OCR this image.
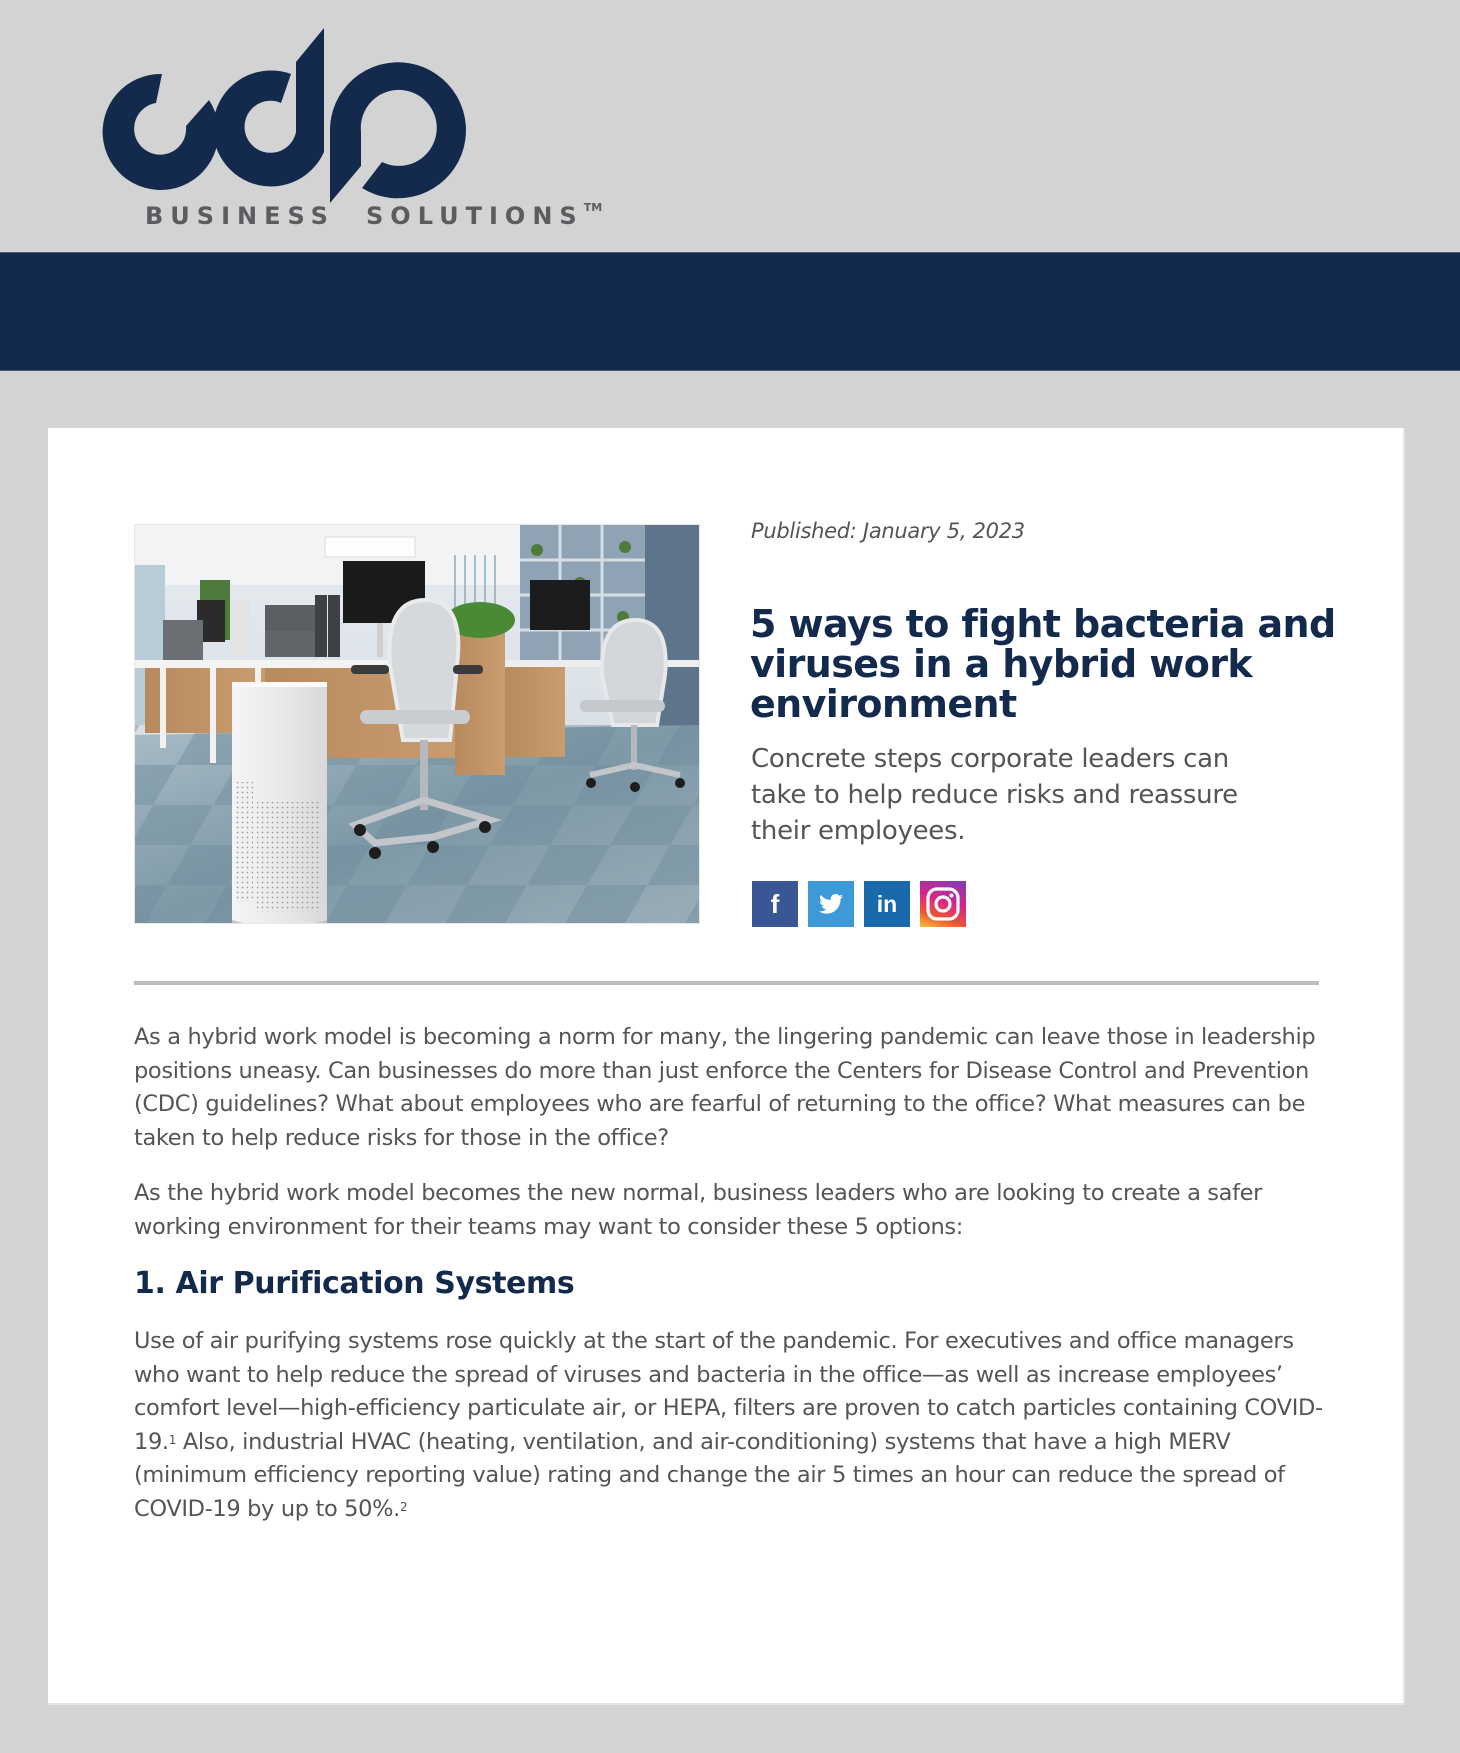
BUSINESS SOLUTIONS™
Published: January 5, 2023
5 ways to fight bacteria and viruses in a hybrid work environment

Concrete steps corporate leaders can take to help reduce risks and reassure their employees.

f	in

As a hybrid work model is becoming a norm for many, the lingering pandemic can leave those in leadership positions uneasy. Can businesses do more than just enforce the Centers for Disease Control and Prevention (CDC) guidelines? What about employees who are fearful of returning to the office? What measures can be taken to help reduce risks for those in the office?

As the hybrid work model becomes the new normal, business leaders who are looking to create a safer working environment for their teams may want to consider these 5 options:

1. Air Purification Systems

Use of air purifying systems rose quickly at the start of the pandemic. For executives and office managers who want to help reduce the spread of viruses and bacteria in the office—as well as increase employees’ comfort level—high-efficiency particulate air, or HEPA, filters are proven to catch particles containing COVID-19.$^1$ Also, industrial HVAC (heating, ventilation, and air-conditioning) systems that have a high MERV (minimum efficiency reporting value) rating and change the air 5 times an hour can reduce the spread of COVID-19 by up to 50%.$^2$
